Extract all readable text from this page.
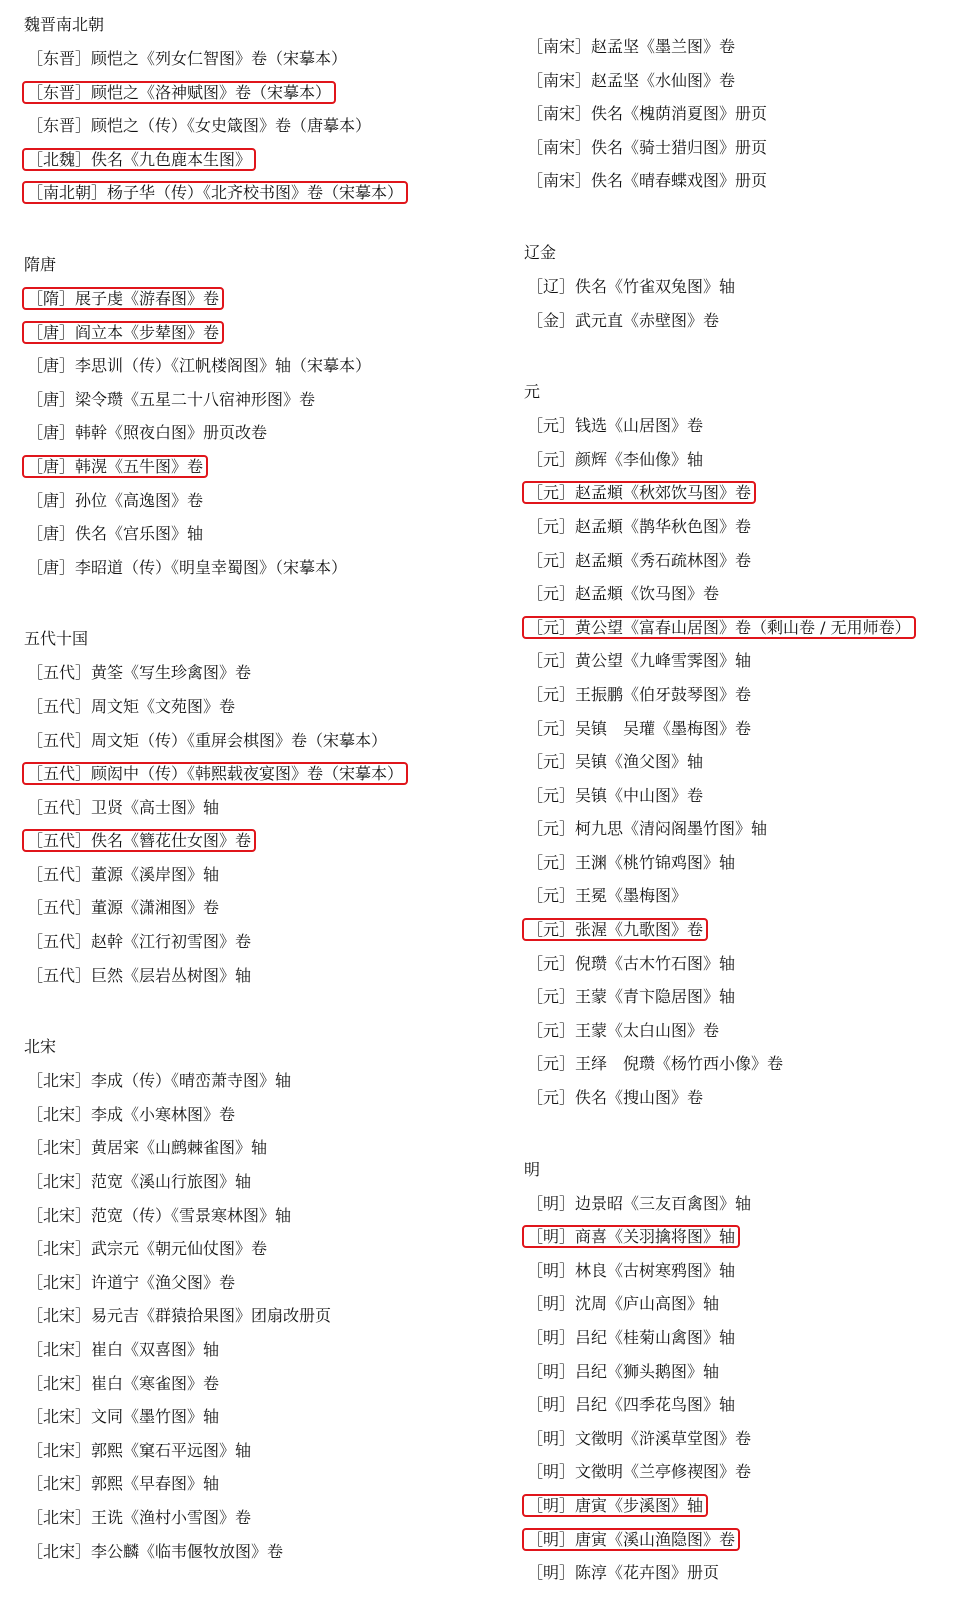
魏晋南北朝
［东晋］顾恺之《列女仁智图》卷（宋摹本）
［东晋］顾恺之《洛神赋图》卷（宋摹本）
［东晋］顾恺之（传）《女史箴图》卷（唐摹本）
［北魏］佚名《九色鹿本生图》
［南北朝］杨子华（传）《北齐校书图》卷（宋摹本）
隋唐
［隋］展子虔《游春图》卷
［唐］阎立本《步辇图》卷
［唐］李思训（传）《江帆楼阁图》轴（宋摹本）
［唐］梁令瓒《五星二十八宿神形图》卷
［唐］韩幹《照夜白图》册页改卷
［唐］韩滉《五牛图》卷
［唐］孙位《高逸图》卷
［唐］佚名《宫乐图》轴
［唐］李昭道（传）《明皇幸蜀图》（宋摹本）
五代十国
［五代］黄筌《写生珍禽图》卷
［五代］周文矩《文苑图》卷
［五代］周文矩（传）《重屏会棋图》卷（宋摹本）
［五代］顾闳中（传）《韩熙载夜宴图》卷（宋摹本）
［五代］卫贤《高士图》轴
［五代］佚名《簪花仕女图》卷
［五代］董源《溪岸图》轴
［五代］董源《潇湘图》卷
［五代］赵幹《江行初雪图》卷
［五代］巨然《层岩丛树图》轴
北宋
［北宋］李成（传）《晴峦萧寺图》轴
［北宋］李成《小寒林图》卷
［北宋］黄居宷《山鹧棘雀图》轴
［北宋］范宽《溪山行旅图》轴
［北宋］范宽（传）《雪景寒林图》轴
［北宋］武宗元《朝元仙仗图》卷
［北宋］许道宁《渔父图》卷
［北宋］易元吉《群猿拾果图》团扇改册页
［北宋］崔白《双喜图》轴
［北宋］崔白《寒雀图》卷
［北宋］文同《墨竹图》轴
［北宋］郭熙《窠石平远图》轴
［北宋］郭熙《早春图》轴
［北宋］王诜《渔村小雪图》卷
［北宋］李公麟《临韦偃牧放图》卷
［南宋］赵孟坚《墨兰图》卷
［南宋］赵孟坚《水仙图》卷
［南宋］佚名《槐荫消夏图》册页
［南宋］佚名《骑士猎归图》册页
［南宋］佚名《晴春蝶戏图》册页
辽金
［辽］佚名《竹雀双兔图》轴
［金］武元直《赤壁图》卷
元
［元］钱选《山居图》卷
［元］颜辉《李仙像》轴
［元］赵孟頫《秋郊饮马图》卷
［元］赵孟頫《鹊华秋色图》卷
［元］赵孟頫《秀石疏林图》卷
［元］赵孟頫《饮马图》卷
［元］黄公望《富春山居图》卷（剩山卷 / 无用师卷）
［元］黄公望《九峰雪霁图》轴
［元］王振鹏《伯牙鼓琴图》卷
［元］吴镇　吴瓘《墨梅图》卷
［元］吴镇《渔父图》轴
［元］吴镇《中山图》卷
［元］柯九思《清闷阁墨竹图》轴
［元］王渊《桃竹锦鸡图》轴
［元］王冕《墨梅图》
［元］张渥《九歌图》卷
［元］倪瓒《古木竹石图》轴
［元］王蒙《青卞隐居图》轴
［元］王蒙《太白山图》卷
［元］王绎　倪瓒《杨竹西小像》卷
［元］佚名《搜山图》卷
明
［明］边景昭《三友百禽图》轴
［明］商喜《关羽擒将图》轴
［明］林良《古树寒鸦图》轴
［明］沈周《庐山高图》轴
［明］吕纪《桂菊山禽图》轴
［明］吕纪《狮头鹅图》轴
［明］吕纪《四季花鸟图》轴
［明］文徵明《浒溪草堂图》卷
［明］文徵明《兰亭修禊图》卷
［明］唐寅《步溪图》轴
［明］唐寅《溪山渔隐图》卷
［明］陈淳《花卉图》册页
